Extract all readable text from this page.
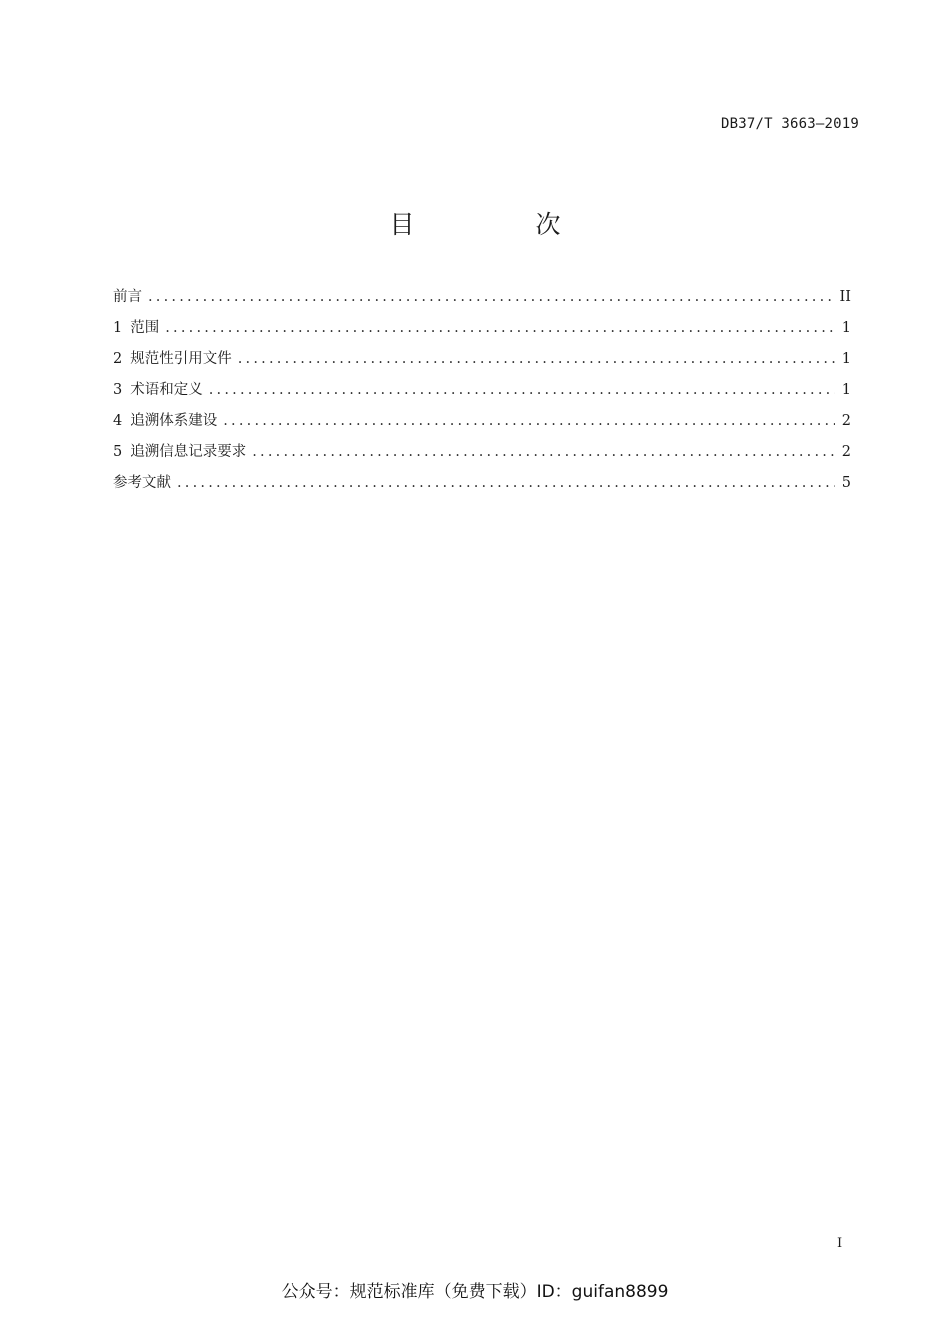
DB37/T 3663—2019
目　次
前言 .....	II
1 范围 .....	1
2 规范性引用文件 .....	1
3 术语和定义 .....	1
4 追溯体系建设 .....	2
5 追溯信息记录要求 .....	2
参考文献 .....	5
I
公众号：规范标准库（免费下载）ID：guifan8899
